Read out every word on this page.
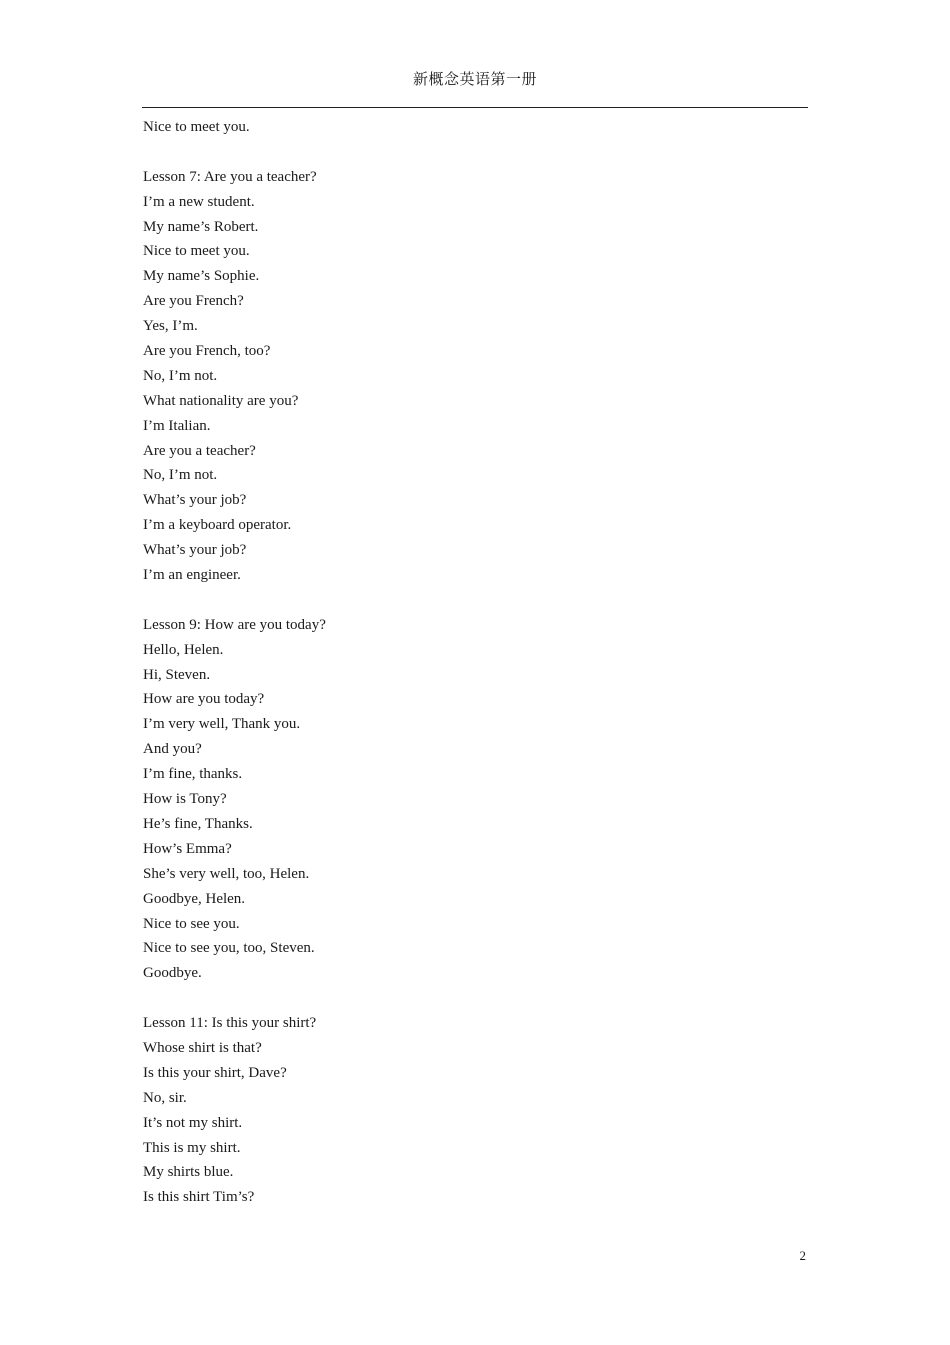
新概念英语第一册
Nice to meet you.
Lesson 7: Are you a teacher?
I’m a new student.
My name’s Robert.
Nice to meet you.
My name’s Sophie.
Are you French?
Yes, I’m.
Are you French, too?
No, I’m not.
What nationality are you?
I’m Italian.
Are you a teacher?
No, I’m not.
What’s your job?
I’m a keyboard operator.
What’s your job?
I’m an engineer.
Lesson 9: How are you today?
Hello, Helen.
Hi, Steven.
How are you today?
I’m very well, Thank you.
And you?
I’m fine, thanks.
How is Tony?
He’s fine, Thanks.
How’s Emma?
She’s very well, too, Helen.
Goodbye, Helen.
Nice to see you.
Nice to see you, too, Steven.
Goodbye.
Lesson 11: Is this your shirt?
Whose shirt is that?
Is this your shirt, Dave?
No, sir.
It’s not my shirt.
This is my shirt.
My shirts blue.
Is this shirt Tim’s?
2
